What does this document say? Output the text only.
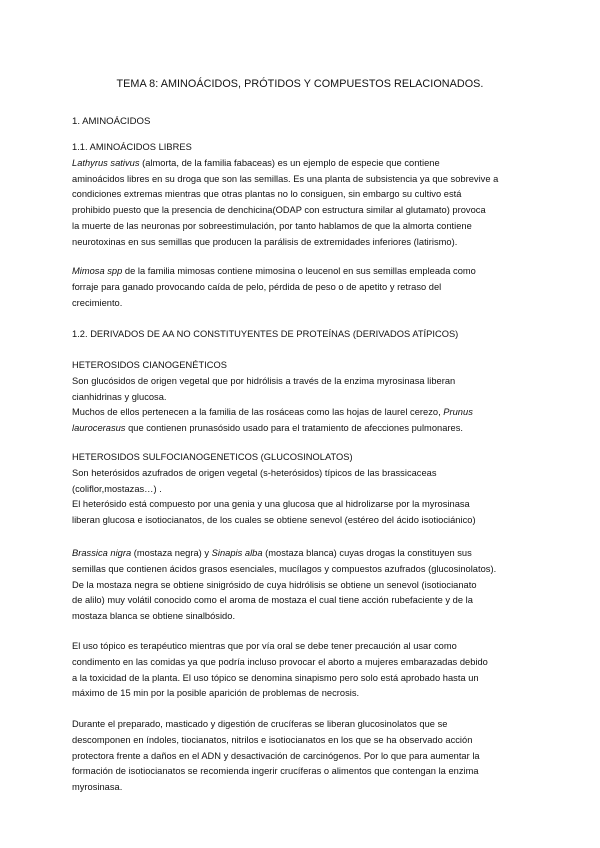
TEMA 8: AMINOÁCIDOS, PRÓTIDOS Y COMPUESTOS RELACIONADOS.
1. AMINOÁCIDOS
1.1. AMINOÁCIDOS LIBRES
Lathyrus sativus (almorta, de la familia fabaceas) es un ejemplo de especie que contiene
aminoácidos libres en su droga que son las semillas. Es una planta de subsistencia ya que sobrevive a
condiciones extremas mientras que otras plantas no lo consiguen, sin embargo su cultivo está
prohibido puesto que la presencia de denchicina(ODAP con estructura similar al glutamato) provoca
la muerte de las neuronas por sobreestimulación, por tanto hablamos de que la almorta contiene
neurotoxinas en sus semillas que producen la parálisis de extremidades inferiores (latirismo).
Mimosa spp de la familia mimosas contiene mimosina o leucenol en sus semillas empleada como
forraje para ganado provocando caída de pelo, pérdida de peso o de apetito y retraso del
crecimiento.
1.2. DERIVADOS DE AA NO CONSTITUYENTES DE PROTEÍNAS (DERIVADOS ATÍPICOS)
HETEROSIDOS CIANOGENÉTICOS
Son glucósidos de origen vegetal que por hidrólisis a través de la enzima myrosinasa liberan
cianhidrinas y glucosa.
Muchos de ellos pertenecen a la familia de las rosáceas como las hojas de laurel cerezo, Prunus
laurocerasus que contienen prunasósido usado para el tratamiento de afecciones pulmonares.
HETEROSIDOS SULFOCIANOGENETICOS (GLUCOSINOLATOS)
Son heterósidos azufrados de origen vegetal (s-heterósidos) típicos de las brassicaceas
(coliflor,mostazas…) .
El heterósido está compuesto por una genia y una glucosa que al hidrolizarse por la myrosinasa
liberan glucosa e isotiocianatos, de los cuales se obtiene senevol (estéreo del ácido isotiociánico)
Brassica nigra (mostaza negra) y Sinapis alba (mostaza blanca) cuyas drogas la constituyen sus
semillas que contienen ácidos grasos esenciales, mucílagos y compuestos azufrados (glucosinolatos).
De la mostaza negra se obtiene sinigrósido de cuya hidrólisis se obtiene un senevol (isotiocianato
de alilo) muy volátil conocido como el aroma de mostaza el cual tiene acción rubefaciente y de la
mostaza blanca se obtiene sinalbósido.
El uso tópico es terapéutico mientras que por vía oral se debe tener precaución al usar como
condimento en las comidas ya que podría incluso provocar el aborto a mujeres embarazadas debido
a la toxicidad de la planta. El uso tópico se denomina sinapismo pero solo está aprobado hasta un
máximo de 15 min por la posible aparición de problemas de necrosis.
Durante el preparado, masticado y digestión de crucíferas se liberan glucosinolatos que se
descomponen en índoles, tiocianatos, nitrilos e isotiocianatos en los que se ha observado acción
protectora frente a daños en el ADN y desactivación de carcinógenos. Por lo que para aumentar la
formación de isotiocianatos se recomienda ingerir crucíferas o alimentos que contengan la enzima
myrosinasa.
